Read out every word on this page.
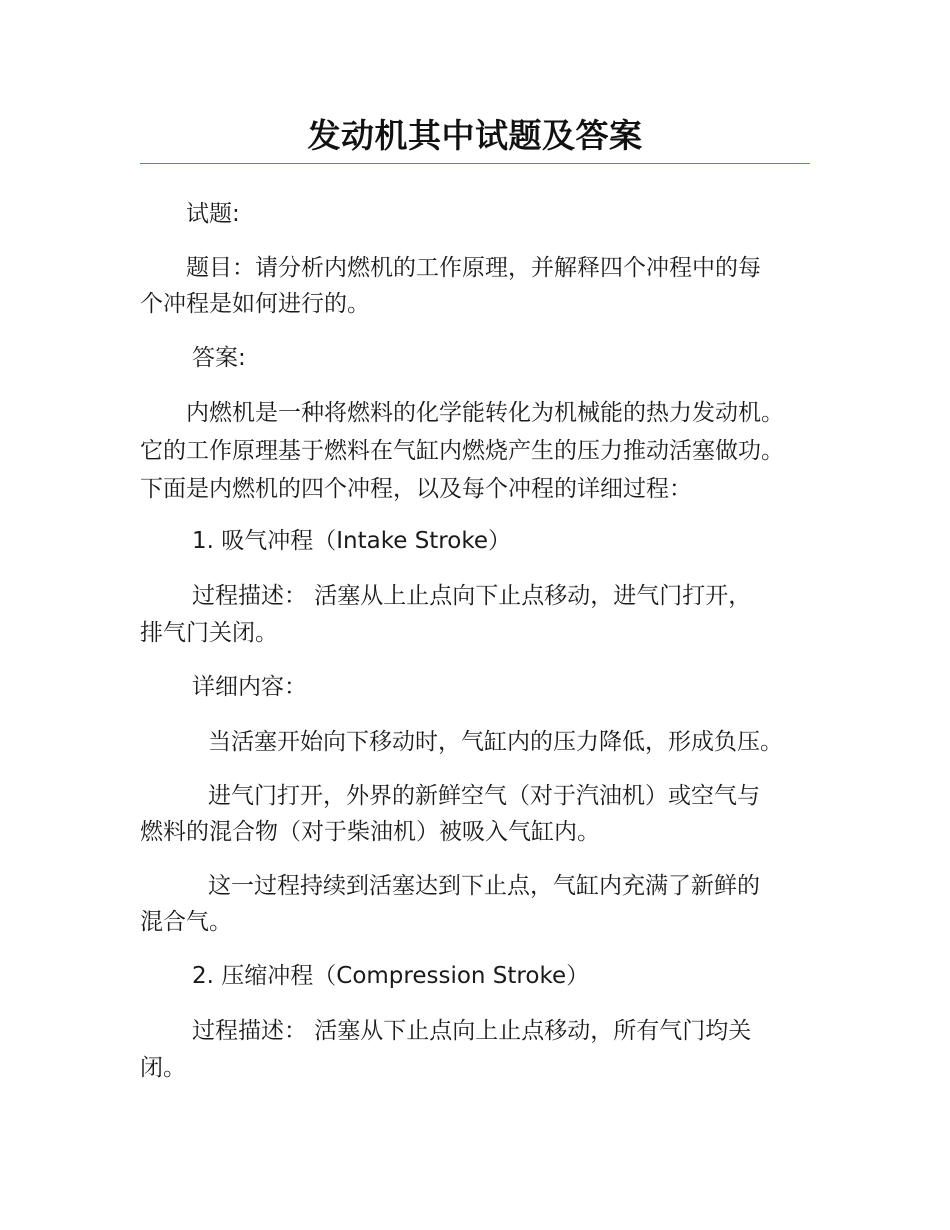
发动机其中试题及答案
试题:
题目：请分析内燃机的工作原理，并解释四个冲程中的每
个冲程是如何进行的。
答案:
内燃机是一种将燃料的化学能转化为机械能的热力发动机。
它的工作原理基于燃料在气缸内燃烧产生的压力推动活塞做功。
下面是内燃机的四个冲程，以及每个冲程的详细过程：
1. 吸气冲程（Intake Stroke）
过程描述： 活塞从上止点向下止点移动，进气门打开，
排气门关闭。
详细内容：
当活塞开始向下移动时，气缸内的压力降低，形成负压。
进气门打开，外界的新鲜空气（对于汽油机）或空气与
燃料的混合物（对于柴油机）被吸入气缸内。
这一过程持续到活塞达到下止点，气缸内充满了新鲜的
混合气。
2. 压缩冲程（Compression Stroke）
过程描述： 活塞从下止点向上止点移动，所有气门均关
闭。
